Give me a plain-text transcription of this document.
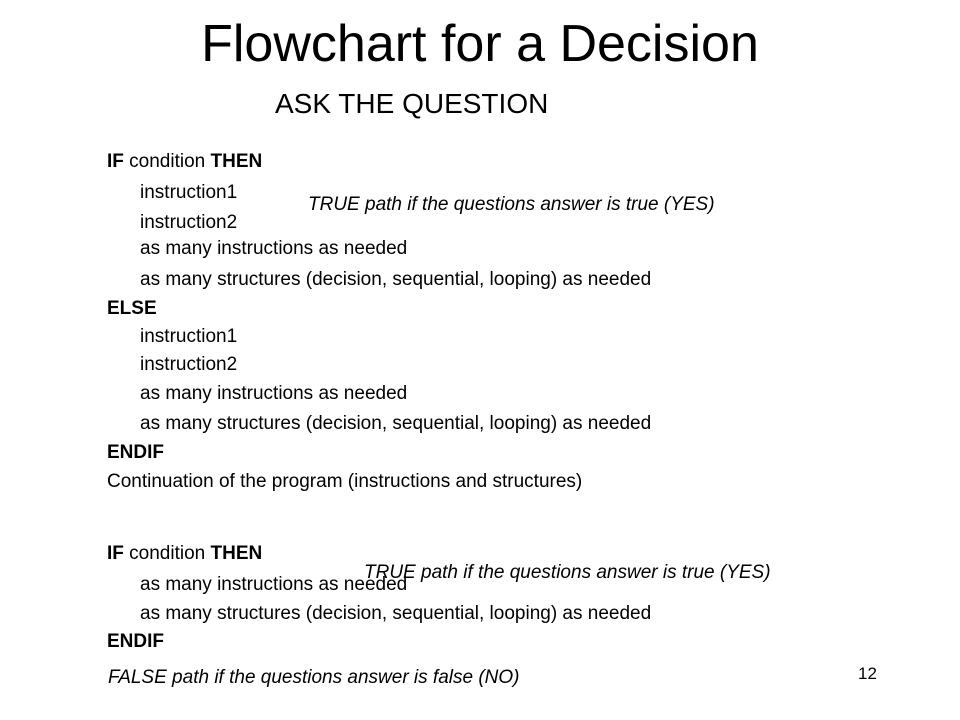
Flowchart for a Decision
ASK THE QUESTION
IF condition THEN
instruction1
instruction2
as many instructions as needed
as many structures (decision, sequential, looping) as needed
ELSE
instruction1
instruction2
as many instructions as needed
as many structures (decision, sequential, looping) as needed
ENDIF
Continuation of the program (instructions and structures)
TRUE path if the questions answer is true (YES)
IF condition THEN
as many instructions as needed
as many structures (decision, sequential, looping) as needed
ENDIF
TRUE path if the questions answer is true (YES)
FALSE path if the questions answer is false (NO)	12
